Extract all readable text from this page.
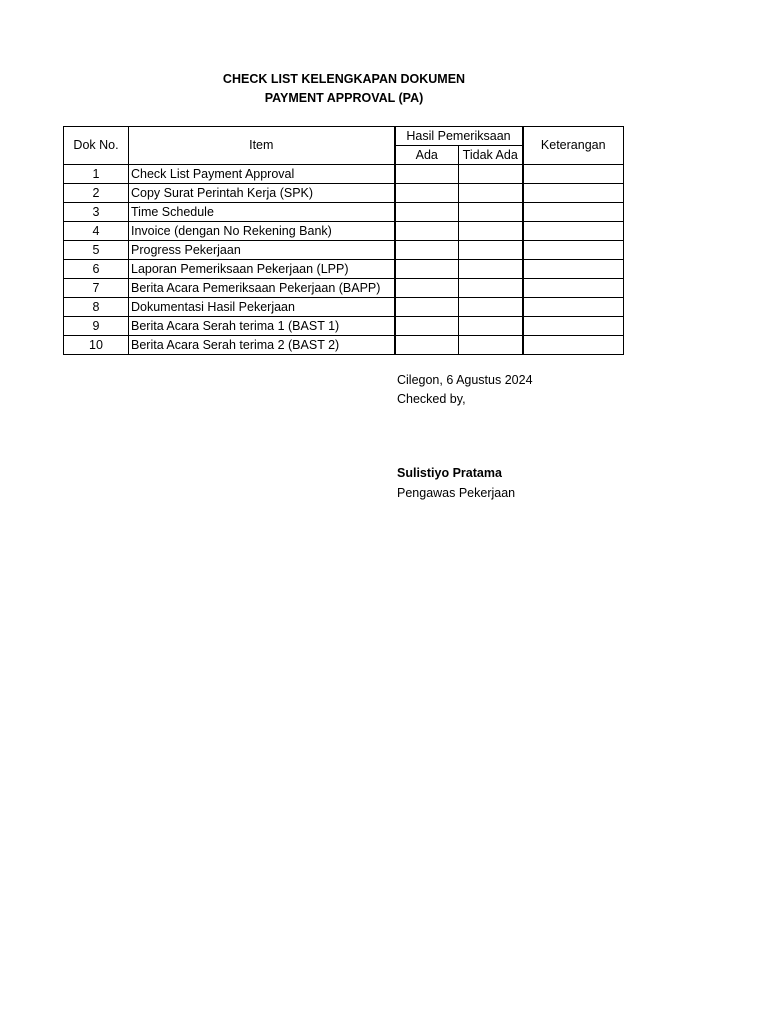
CHECK LIST KELENGKAPAN DOKUMEN
PAYMENT APPROVAL (PA)
Dok No.	Item	Hasil Pemeriksaan		Keterangan
		Ada	Tidak Ada	
1	Check List Payment Approval			
2	Copy Surat Perintah Kerja (SPK)			
3	Time Schedule			
4	Invoice (dengan No Rekening Bank)			
5	Progress Pekerjaan			
6	Laporan Pemeriksaan Pekerjaan (LPP)			
7	Berita Acara Pemeriksaan Pekerjaan (BAPP)			
8	Dokumentasi Hasil Pekerjaan			
9	Berita Acara Serah terima 1 (BAST 1)			
10	Berita Acara Serah terima 2 (BAST 2)			
Cilegon, 6 Agustus 2024
Checked by,
Sulistiyo Pratama
Pengawas Pekerjaan
